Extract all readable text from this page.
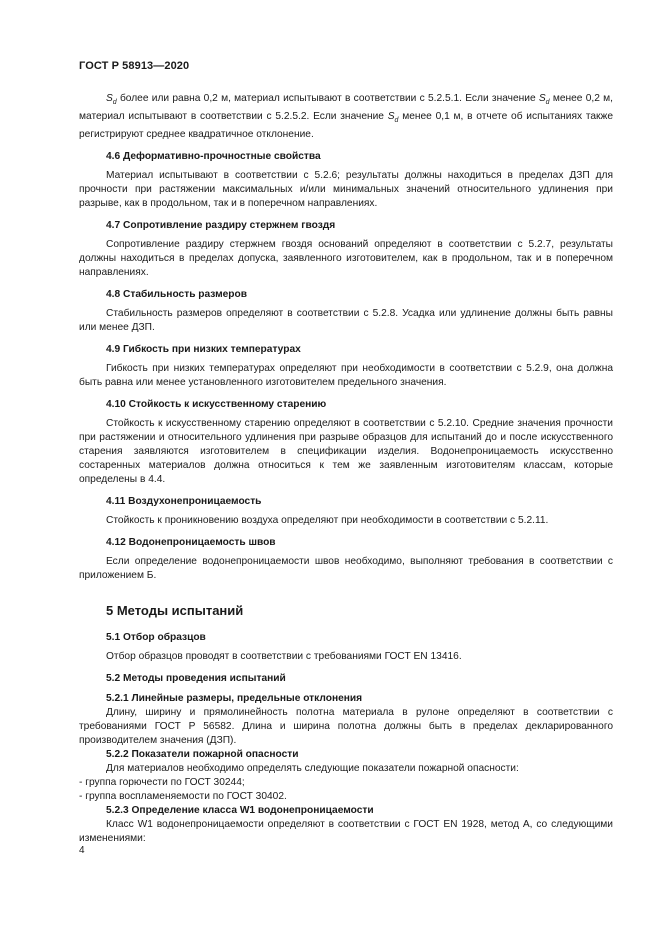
ГОСТ Р 58913—2020

$S_d$ более или равна 0,2 м, материал испытывают в соответствии с 5.2.5.1. Если значение $S_d$ менее 0,2 м, материал испытывают в соответствии с 5.2.5.2. Если значение $S_d$ менее 0,1 м, в отчете об испытаниях также регистрируют среднее квадратичное отклонение.

4.6 Деформативно-прочностные свойства

Материал испытывают в соответствии с 5.2.6; результаты должны находиться в пределах ДЗП для прочности при растяжении максимальных и/или минимальных значений относительного удлинения при разрыве, как в продольном, так и в поперечном направлениях.

4.7 Сопротивление раздиру стержнем гвоздя

Сопротивление раздиру стержнем гвоздя оснований определяют в соответствии с 5.2.7, результаты должны находиться в пределах допуска, заявленного изготовителем, как в продольном, так и в поперечном направлениях.

4.8 Стабильность размеров

Стабильность размеров определяют в соответствии с 5.2.8. Усадка или удлинение должны быть равны или менее ДЗП.

4.9 Гибкость при низких температурах

Гибкость при низких температурах определяют при необходимости в соответствии с 5.2.9, она должна быть равна или менее установленного изготовителем предельного значения.

4.10 Стойкость к искусственному старению

Стойкость к искусственному старению определяют в соответствии с 5.2.10. Средние значения прочности при растяжении и относительного удлинения при разрыве образцов для испытаний до и после искусственного старения заявляются изготовителем в спецификации изделия. Водонепроницаемость искусственно состаренных материалов должна относиться к тем же заявленным изготовителям классам, которые определены в 4.4.

4.11 Воздухонепроницаемость

Стойкость к проникновению воздуха определяют при необходимости в соответствии с 5.2.11.

4.12 Водонепроницаемость швов

Если определение водонепроницаемости швов необходимо, выполняют требования в соответствии с приложением Б.

5 Методы испытаний
5.1 Отбор образцов

Отбор образцов проводят в соответствии с требованиями ГОСТ EN 13416.

5.2 Методы проведения испытаний
5.2.1 Линейные размеры, предельные отклонения

Длину, ширину и прямолинейность полотна материала в рулоне определяют в соответствии с требованиями ГОСТ Р 56582. Длина и ширина полотна должны быть в пределах декларированного производителем значения (ДЗП).

5.2.2 Показатели пожарной опасности

Для материалов необходимо определять следующие показатели пожарной опасности:

- группа горючести по ГОСТ 30244;

- группа воспламеняемости по ГОСТ 30402.

5.2.3 Определение класса W1 водонепроницаемости

Класс W1 водонепроницаемости определяют в соответствии с ГОСТ EN 1928, метод А, со следующими изменениями:

4
